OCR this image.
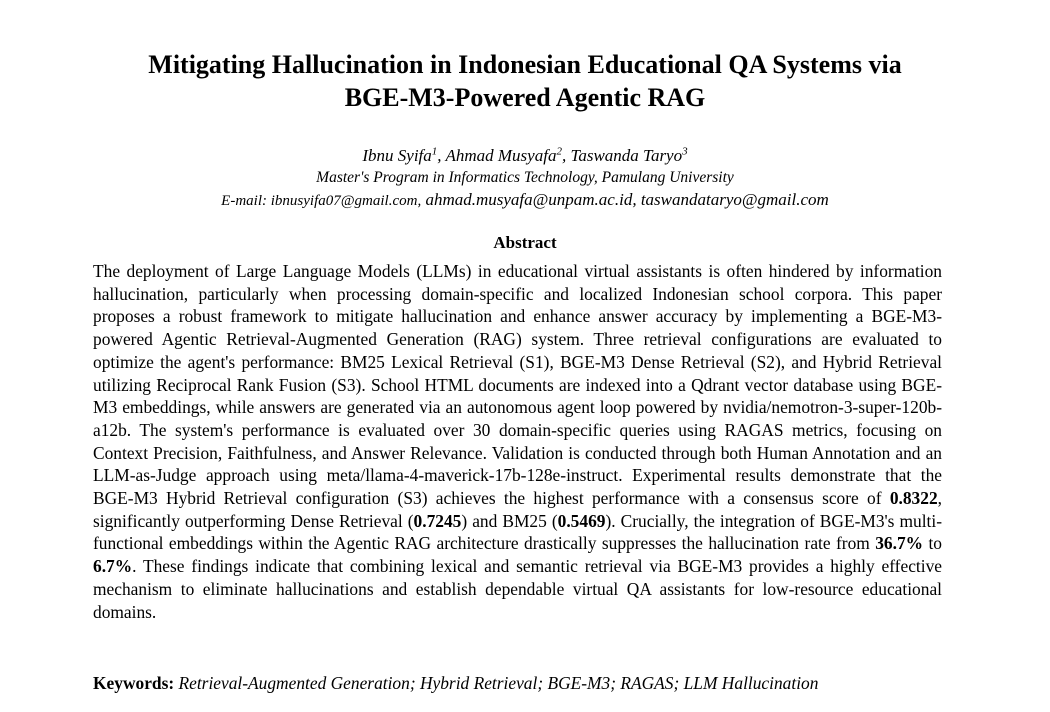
Mitigating Hallucination in Indonesian Educational QA Systems via
BGE-M3-Powered Agentic RAG
Ibnu Syifa$^1$, Ahmad Musyafa$^2$, Taswanda Taryo$^3$
Master's Program in Informatics Technology, Pamulang University
E-mail: ibnusyifa07@gmail.com, ahmad.musyafa@unpam.ac.id, taswandataryo@gmail.com
Abstract
The deployment of Large Language Models (LLMs) in educational virtual assistants is often hindered by information hallucination, particularly when processing domain-specific and localized Indonesian school corpora. This paper proposes a robust framework to mitigate hallucination and enhance answer accuracy by implementing a BGE-M3-powered Agentic Retrieval-Augmented Generation (RAG) system. Three retrieval configurations are evaluated to optimize the agent's performance: BM25 Lexical Retrieval (S1), BGE-M3 Dense Retrieval (S2), and Hybrid Retrieval utilizing Reciprocal Rank Fusion (S3). School HTML documents are indexed into a Qdrant vector database using BGE-M3 embeddings, while answers are generated via an autonomous agent loop powered by nvidia/nemotron-3-super-120b-a12b. The system's performance is evaluated over 30 domain-specific queries using RAGAS metrics, focusing on Context Precision, Faithfulness, and Answer Relevance. Validation is conducted through both Human Annotation and an LLM-as-Judge approach using meta/llama-4-maverick-17b-128e-instruct. Experimental results demonstrate that the BGE-M3 Hybrid Retrieval configuration (S3) achieves the highest performance with a consensus score of 0.8322, significantly outperforming Dense Retrieval (0.7245) and BM25 (0.5469). Crucially, the integration of BGE-M3's multi-functional embeddings within the Agentic RAG architecture drastically suppresses the hallucination rate from 36.7% to 6.7%. These findings indicate that combining lexical and semantic retrieval via BGE-M3 provides a highly effective mechanism to eliminate hallucinations and establish dependable virtual QA assistants for low-resource educational domains.
Keywords: Retrieval-Augmented Generation; Hybrid Retrieval; BGE-M3; RAGAS; LLM Hallucination
